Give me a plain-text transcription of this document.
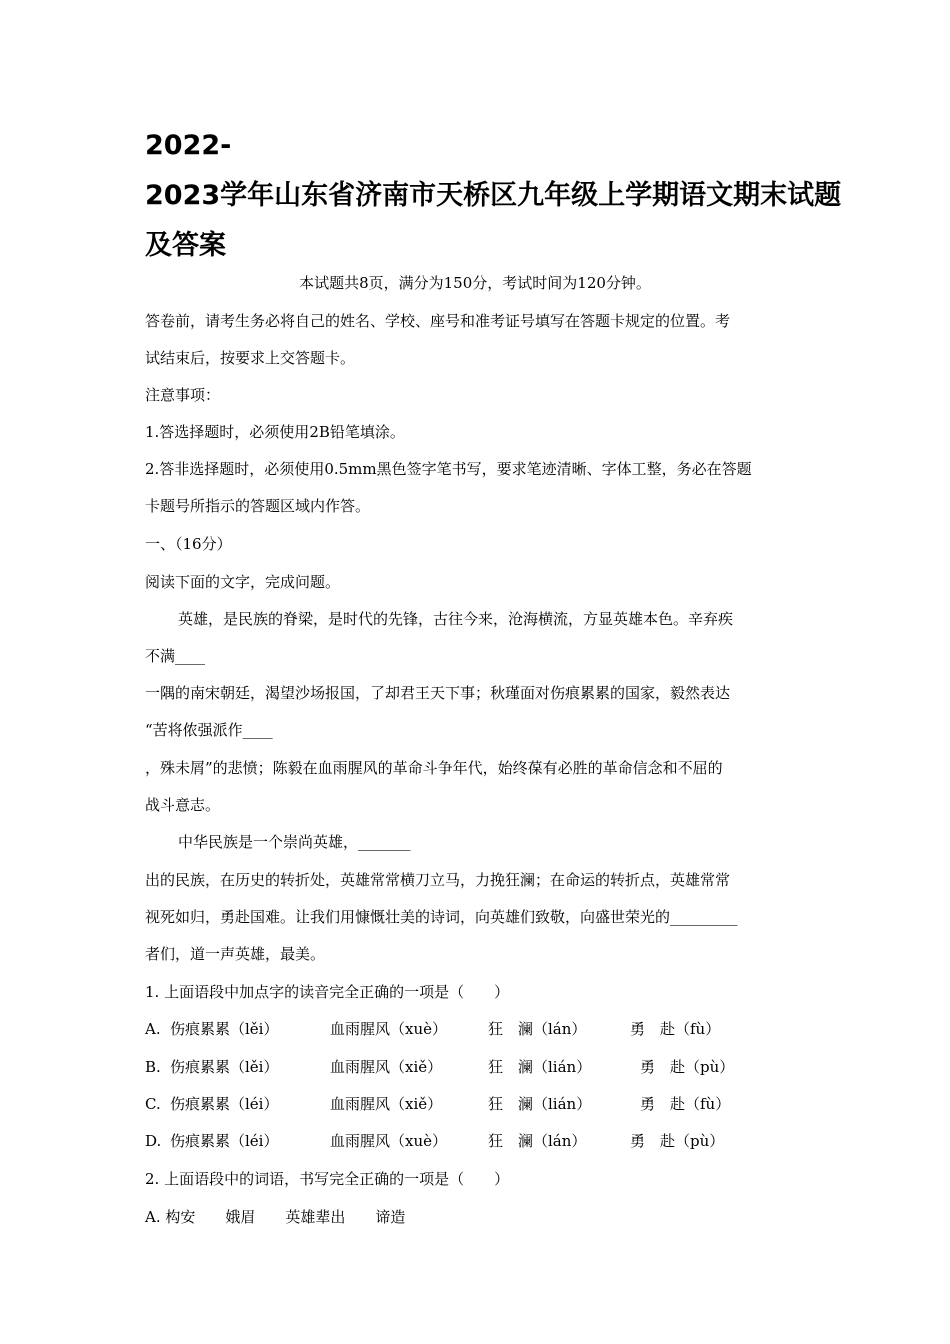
2022-
2023学年山东省济南市天桥区九年级上学期语文期末试题
及答案
本试题共8页，满分为150分，考试时间为120分钟。
答卷前，请考生务必将自己的姓名、学校、座号和准考证号填写在答题卡规定的位置。考
试结束后，按要求上交答题卡。
注意事项：
1.答选择题时，必须使用2B铅笔填涂。
2.答非选择题时，必须使用0.5mm黑色签字笔书写，要求笔迹清晰、字体工整，务必在答题
卡题号所指示的答题区域内作答。
一、（16分）
阅读下面的文字，完成问题。
英雄，是民族的脊梁，是时代的先锋，古往今来，沧海横流，方显英雄本色。辛弃疾
不满____
一隅的南宋朝廷，渴望沙场报国，了却君王天下事；秋瑾面对伤痕累累的国家，毅然表达
“苦将侬强派作____
，殊未屑”的悲愤；陈毅在血雨腥风的革命斗争年代，始终葆有必胜的革命信念和不屈的
战斗意志。
中华民族是一个崇尚英雄，_______
出的民族，在历史的转折处，英雄常常横刀立马，力挽狂澜；在命运的转折点，英雄常常
视死如归，勇赴国难。让我们用慷慨壮美的诗词，向英雄们致敬，向盛世荣光的_________
者们，道一声英雄，最美。
1. 上面语段中加点字的读音完全正确的一项是（　　）
A. 伤痕累累（lěi）	血雨腥风（xuè）	狂　澜（lán）	勇　赴（fù）
B. 伤痕累累（lěi）	血雨腥风（xiě）	狂　澜（lián）	勇　赴（pù）
C. 伤痕累累（léi）	血雨腥风（xiě）	狂　澜（lián）	勇　赴（fù）
D. 伤痕累累（léi）	血雨腥风（xuè）	狂　澜（lán）	勇　赴（pù）
2. 上面语段中的词语，书写完全正确的一项是（　　）
A. 构安　　娥眉　　英雄辈出　　谛造
